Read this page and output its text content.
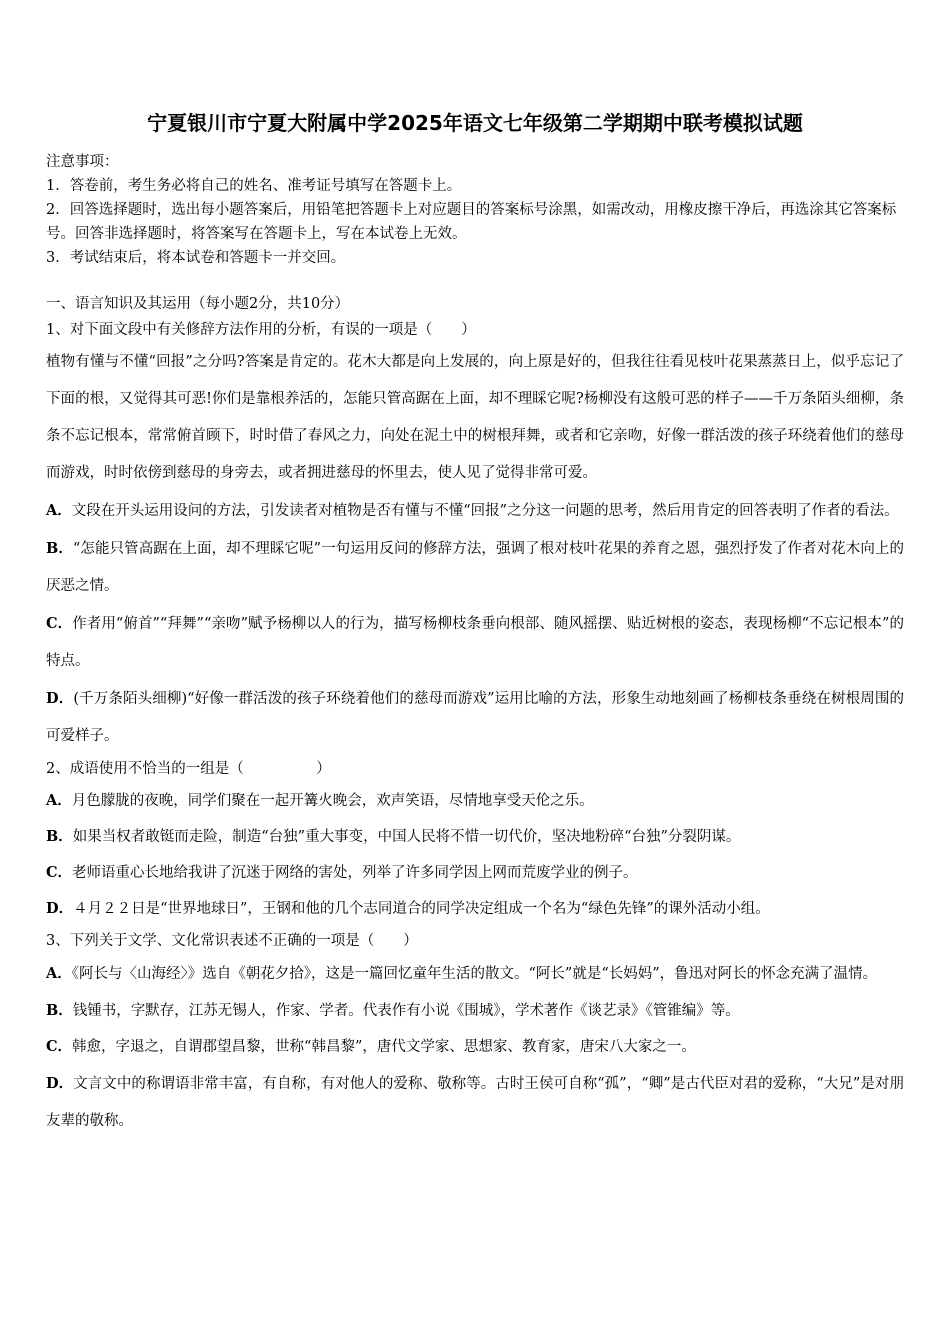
宁夏银川市宁夏大附属中学2025年语文七年级第二学期期中联考模拟试题

注意事项：

1．答卷前，考生务必将自己的姓名、准考证号填写在答题卡上。

2．回答选择题时，选出每小题答案后，用铅笔把答题卡上对应题目的答案标号涂黑，如需改动，用橡皮擦干净后，再选涂其它答案标号。回答非选择题时，将答案写在答题卡上，写在本试卷上无效。

3．考试结束后，将本试卷和答题卡一并交回。

一、语言知识及其运用（每小题2分，共10分）

1、对下面文段中有关修辞方法作用的分析，有误的一项是（　　）

植物有懂与不懂“回报”之分吗?答案是肯定的。花木大都是向上发展的，向上原是好的，但我往往看见枝叶花果蒸蒸日上，似乎忘记了下面的根，又觉得其可恶!你们是靠根养活的，怎能只管高踞在上面，却不理睬它呢?杨柳没有这般可恶的样子——千万条陌头细柳，条条不忘记根本，常常俯首顾下，时时借了春风之力，向处在泥土中的树根拜舞，或者和它亲吻，好像一群活泼的孩子环绕着他们的慈母而游戏，时时依傍到慈母的身旁去，或者拥进慈母的怀里去，使人见了觉得非常可爱。

A．文段在开头运用设问的方法，引发读者对植物是否有懂与不懂“回报”之分这一问题的思考，然后用肯定的回答表明了作者的看法。

B．“怎能只管高踞在上面，却不理睬它呢”一句运用反问的修辞方法，强调了根对枝叶花果的养育之恩，强烈抒发了作者对花木向上的厌恶之情。

C．作者用“俯首”“拜舞”“亲吻”赋予杨柳以人的行为，描写杨柳枝条垂向根部、随风摇摆、贴近树根的姿态，表现杨柳“不忘记根本”的特点。

D．(千万条陌头细柳)“好像一群活泼的孩子环绕着他们的慈母而游戏”运用比喻的方法，形象生动地刻画了杨柳枝条垂绕在树根周围的可爱样子。

2、成语使用不恰当的一组是（　　　　　）

A．月色朦胧的夜晚，同学们聚在一起开篝火晚会，欢声笑语，尽情地享受天伦之乐。

B．如果当权者敢铤而走险，制造“台独”重大事变，中国人民将不惜一切代价，坚决地粉碎“台独”分裂阴谋。

C．老师语重心长地给我讲了沉迷于网络的害处，列举了许多同学因上网而荒废学业的例子。

D．４月２２日是“世界地球日”，王钢和他的几个志同道合的同学决定组成一个名为“绿色先锋”的课外活动小组。

3、下列关于文学、文化常识表述不正确的一项是（　　）

A．《阿长与〈山海经〉》选自《朝花夕拾》，这是一篇回忆童年生活的散文。“阿长”就是“长妈妈”，鲁迅对阿长的怀念充满了温情。

B．钱锺书，字默存，江苏无锡人，作家、学者。代表作有小说《围城》，学术著作《谈艺录》《管锥编》等。

C．韩愈，字退之，自谓郡望昌黎，世称“韩昌黎”，唐代文学家、思想家、教育家，唐宋八大家之一。

D．文言文中的称谓语非常丰富，有自称，有对他人的爱称、敬称等。古时王侯可自称“孤”，“卿”是古代臣对君的爱称，“大兄”是对朋友辈的敬称。
